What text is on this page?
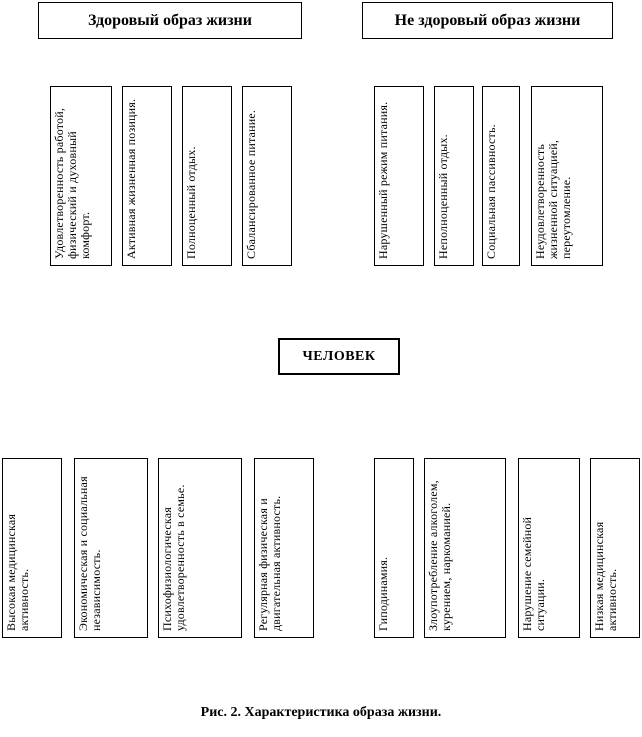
Здоровый образ жизни	Не здоровый образ жизни
Удовлетворенность работой, физический и духовный комфорт.	Активная жизненная позиция.	Полноценный отдых.	Сбалансированное питание.	Нарушенный режим питания.	Неполноценный отдых.	Социальная пассивность.	Неудовлетворенность жизненной ситуацией, переутомление.
ЧЕЛОВЕК
Высокая медицинская активность.	Экономическая и социальная независимость.	Психофизиологическая удовлетворенность в семье.	Регулярная физическая и двигательная активность.	Гиподинамия.	Злоупотребление алкоголем, курением, наркоманией.	Нарушение семейной ситуации.	Низкая медицинская активность.
Рис. 2. Характеристика образа жизни.
